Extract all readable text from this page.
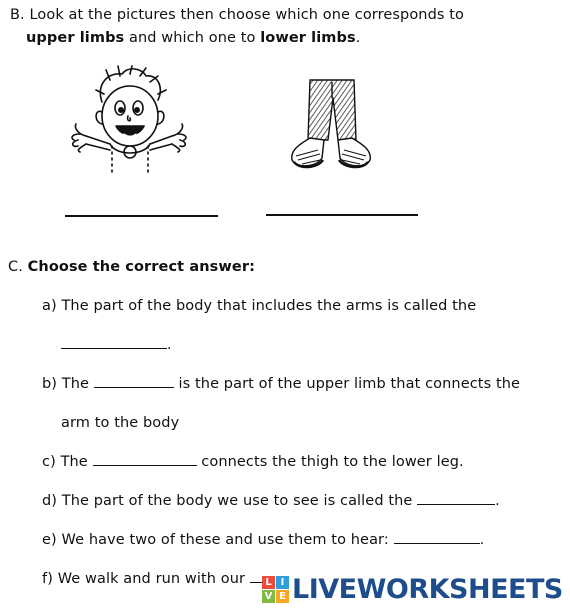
B. Look at the pictures then choose which one corresponds to
upper limbs and which one to lower limbs.
C. Choose the correct answer:
a) The part of the body that includes the arms is called the
.
b) The	is the part of the upper limb that connects the
arm to the body
c) The	connects the thigh to the lower leg.
d) The part of the body we use to see is called the	.
e) We have two of these and use them to hear:	.
f) We walk and run with our	L I
V E LIVEWORKSHEETS
